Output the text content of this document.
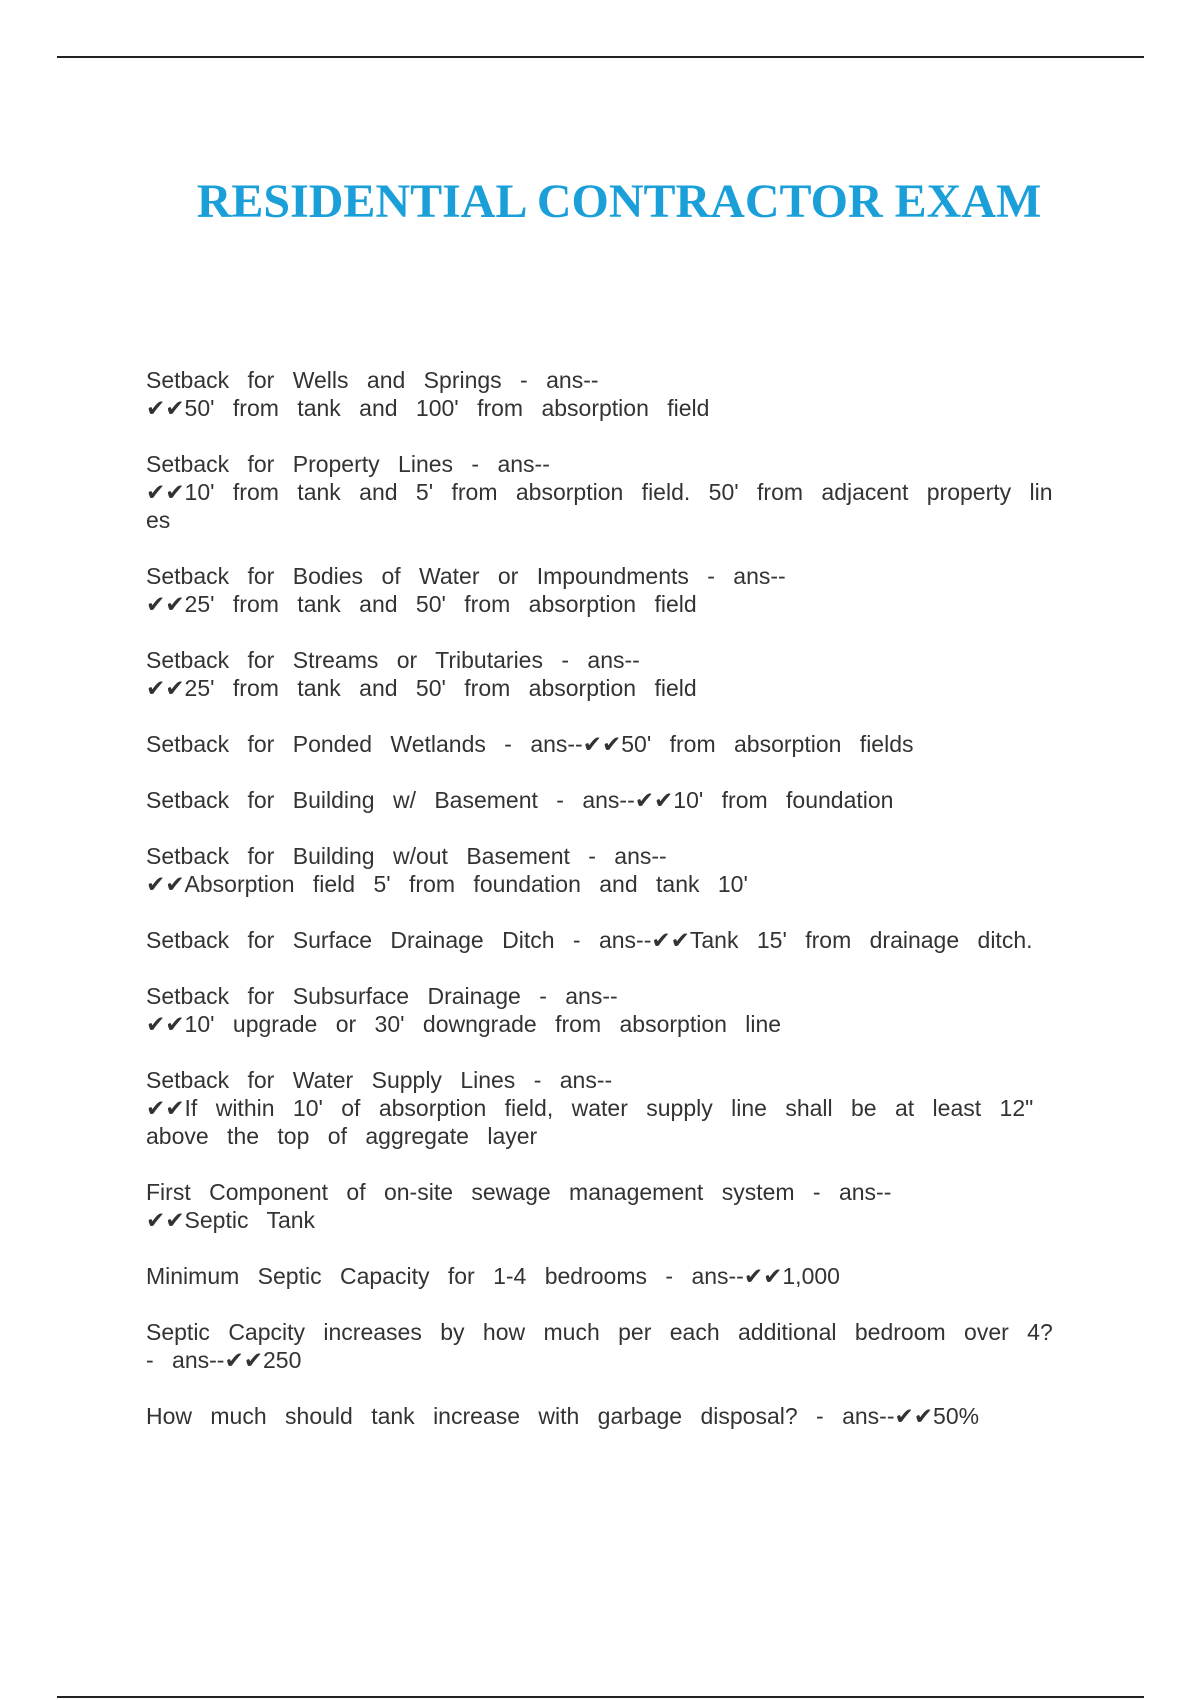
RESIDENTIAL CONTRACTOR EXAM
Setback for Wells and Springs - ans--
✔✔50' from tank and 100' from absorption field
Setback for Property Lines - ans--
✔✔10' from tank and 5' from absorption field. 50' from adjacent property lin
es
Setback for Bodies of Water or Impoundments - ans--
✔✔25' from tank and 50' from absorption field
Setback for Streams or Tributaries - ans--
✔✔25' from tank and 50' from absorption field
Setback for Ponded Wetlands - ans--✔✔50' from absorption fields
Setback for Building w/ Basement - ans--✔✔10' from foundation
Setback for Building w/out Basement - ans--
✔✔Absorption field 5' from foundation and tank 10'
Setback for Surface Drainage Ditch - ans--✔✔Tank 15' from drainage ditch.
Setback for Subsurface Drainage - ans--
✔✔10' upgrade or 30' downgrade from absorption line
Setback for Water Supply Lines - ans--
✔✔If within 10' of absorption field, water supply line shall be at least 12"
above the top of aggregate layer
First Component of on-site sewage management system - ans--
✔✔Septic Tank
Minimum Septic Capacity for 1-4 bedrooms - ans--✔✔1,000
Septic Capcity increases by how much per each additional bedroom over 4?
- ans--✔✔250
How much should tank increase with garbage disposal? - ans--✔✔50%
